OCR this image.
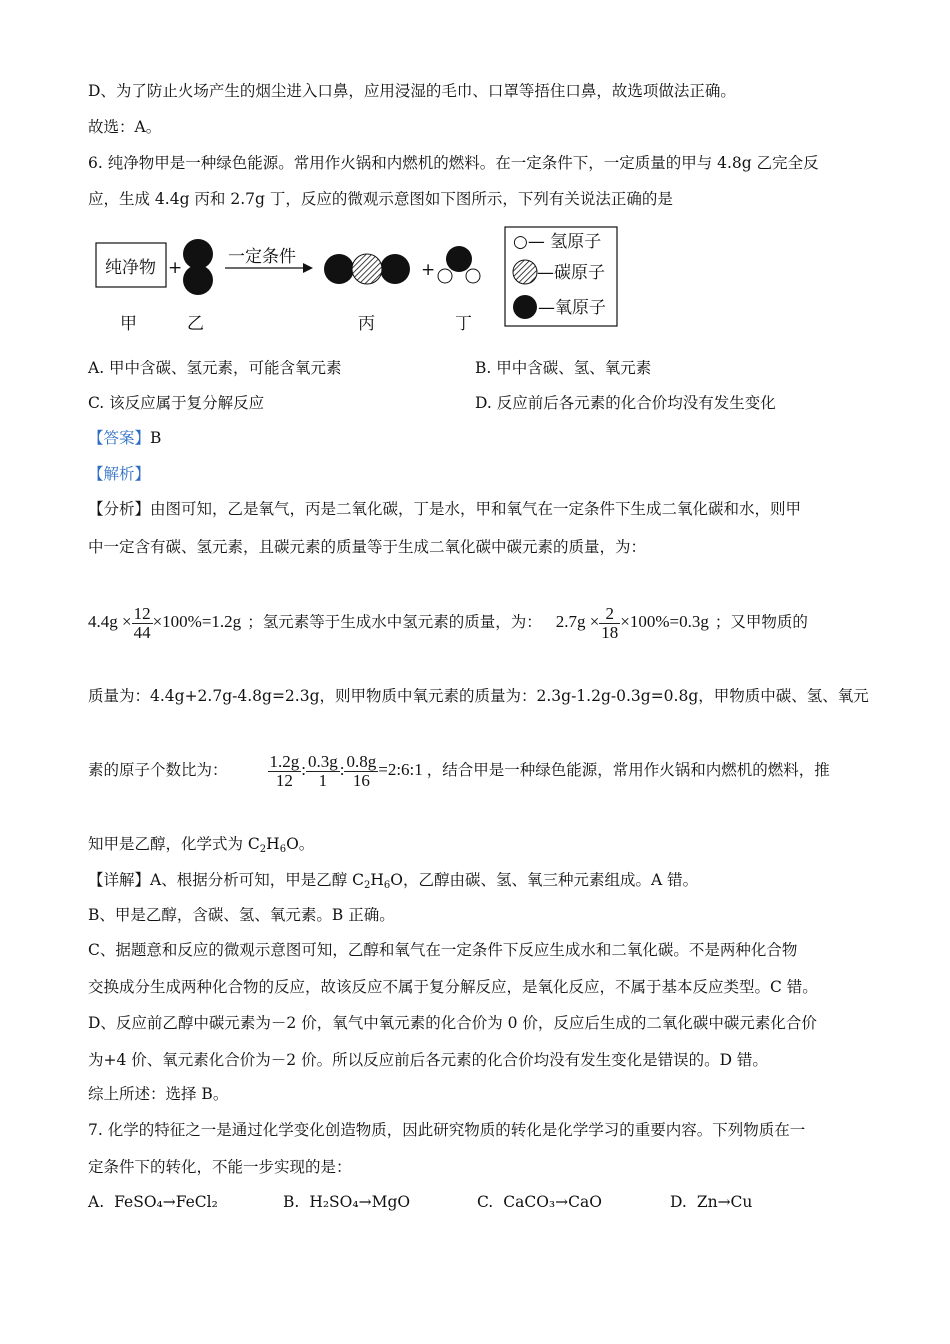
D、为了防止火场产生的烟尘进入口鼻，应用浸湿的毛巾、口罩等捂住口鼻，故选项做法正确。
故选：A。
6. 纯净物甲是一种绿色能源。常用作火锅和内燃机的燃料。在一定条件下，一定质量的甲与 4.8g 乙完全反
应，生成 4.4g 丙和 2.7g 丁，反应的微观示意图如下图所示，下列有关说法正确的是
纯净物 +
一定条件
+
甲	乙	丙	丁
○— 氢原子
—碳原子
—氧原子
A. 甲中含碳、氢元素，可能含氧元素	B. 甲中含碳、氢、氧元素
C. 该反应属于复分解反应	D. 反应前后各元素的化合价均没有发生变化
【答案】B
【解析】
【分析】由图可知，乙是氧气，丙是二氧化碳，丁是水，甲和氧气在一定条件下生成二氧化碳和水，则甲
中一定含有碳、氢元素，且碳元素的质量等于生成二氧化碳中碳元素的质量，为：
$4.4g \times \frac{12}{44} \times 100\%=1.2g$ ；氢元素等于生成水中氢元素的质量，为： $2.7g \times \frac{2}{18} \times 100\%=0.3g$ ；又甲物质的
质量为：4.4g+2.7g-4.8g=2.3g，则甲物质中氧元素的质量为：2.3g-1.2g-0.3g=0.8g，甲物质中碳、氢、氧元
素的原子个数比为： $\frac{1.2g}{12}$ : $\frac{0.3g}{1}$ : $\frac{0.8g}{16}$ =2:6:1 ，结合甲是一种绿色能源，常用作火锅和内燃机的燃料，推
知甲是乙醇，化学式为 $C_2H_6O$。
【详解】A、根据分析可知，甲是乙醇 $C_2H_6O$，乙醇由碳、氢、氧三种元素组成。A 错。
B、甲是乙醇，含碳、氢、氧元素。B 正确。
C、据题意和反应的微观示意图可知，乙醇和氧气在一定条件下反应生成水和二氧化碳。不是两种化合物
交换成分生成两种化合物的反应，故该反应不属于复分解反应，是氧化反应，不属于基本反应类型。C 错。
D、反应前乙醇中碳元素为－2 价，氧气中氧元素的化合价为 0 价，反应后生成的二氧化碳中碳元素化合价
为+4 价、氧元素化合价为－2 价。所以反应前后各元素的化合价均没有发生变化是错误的。D 错。
综上所述：选择 B。
7. 化学的特征之一是通过化学变化创造物质，因此研究物质的转化是化学学习的重要内容。下列物质在一
定条件下的转化，不能一步实现的是：
A. FeSO₄→FeCl₂	B. H₂SO₄→MgO	C. CaCO₃→CaO	D. Zn→Cu
